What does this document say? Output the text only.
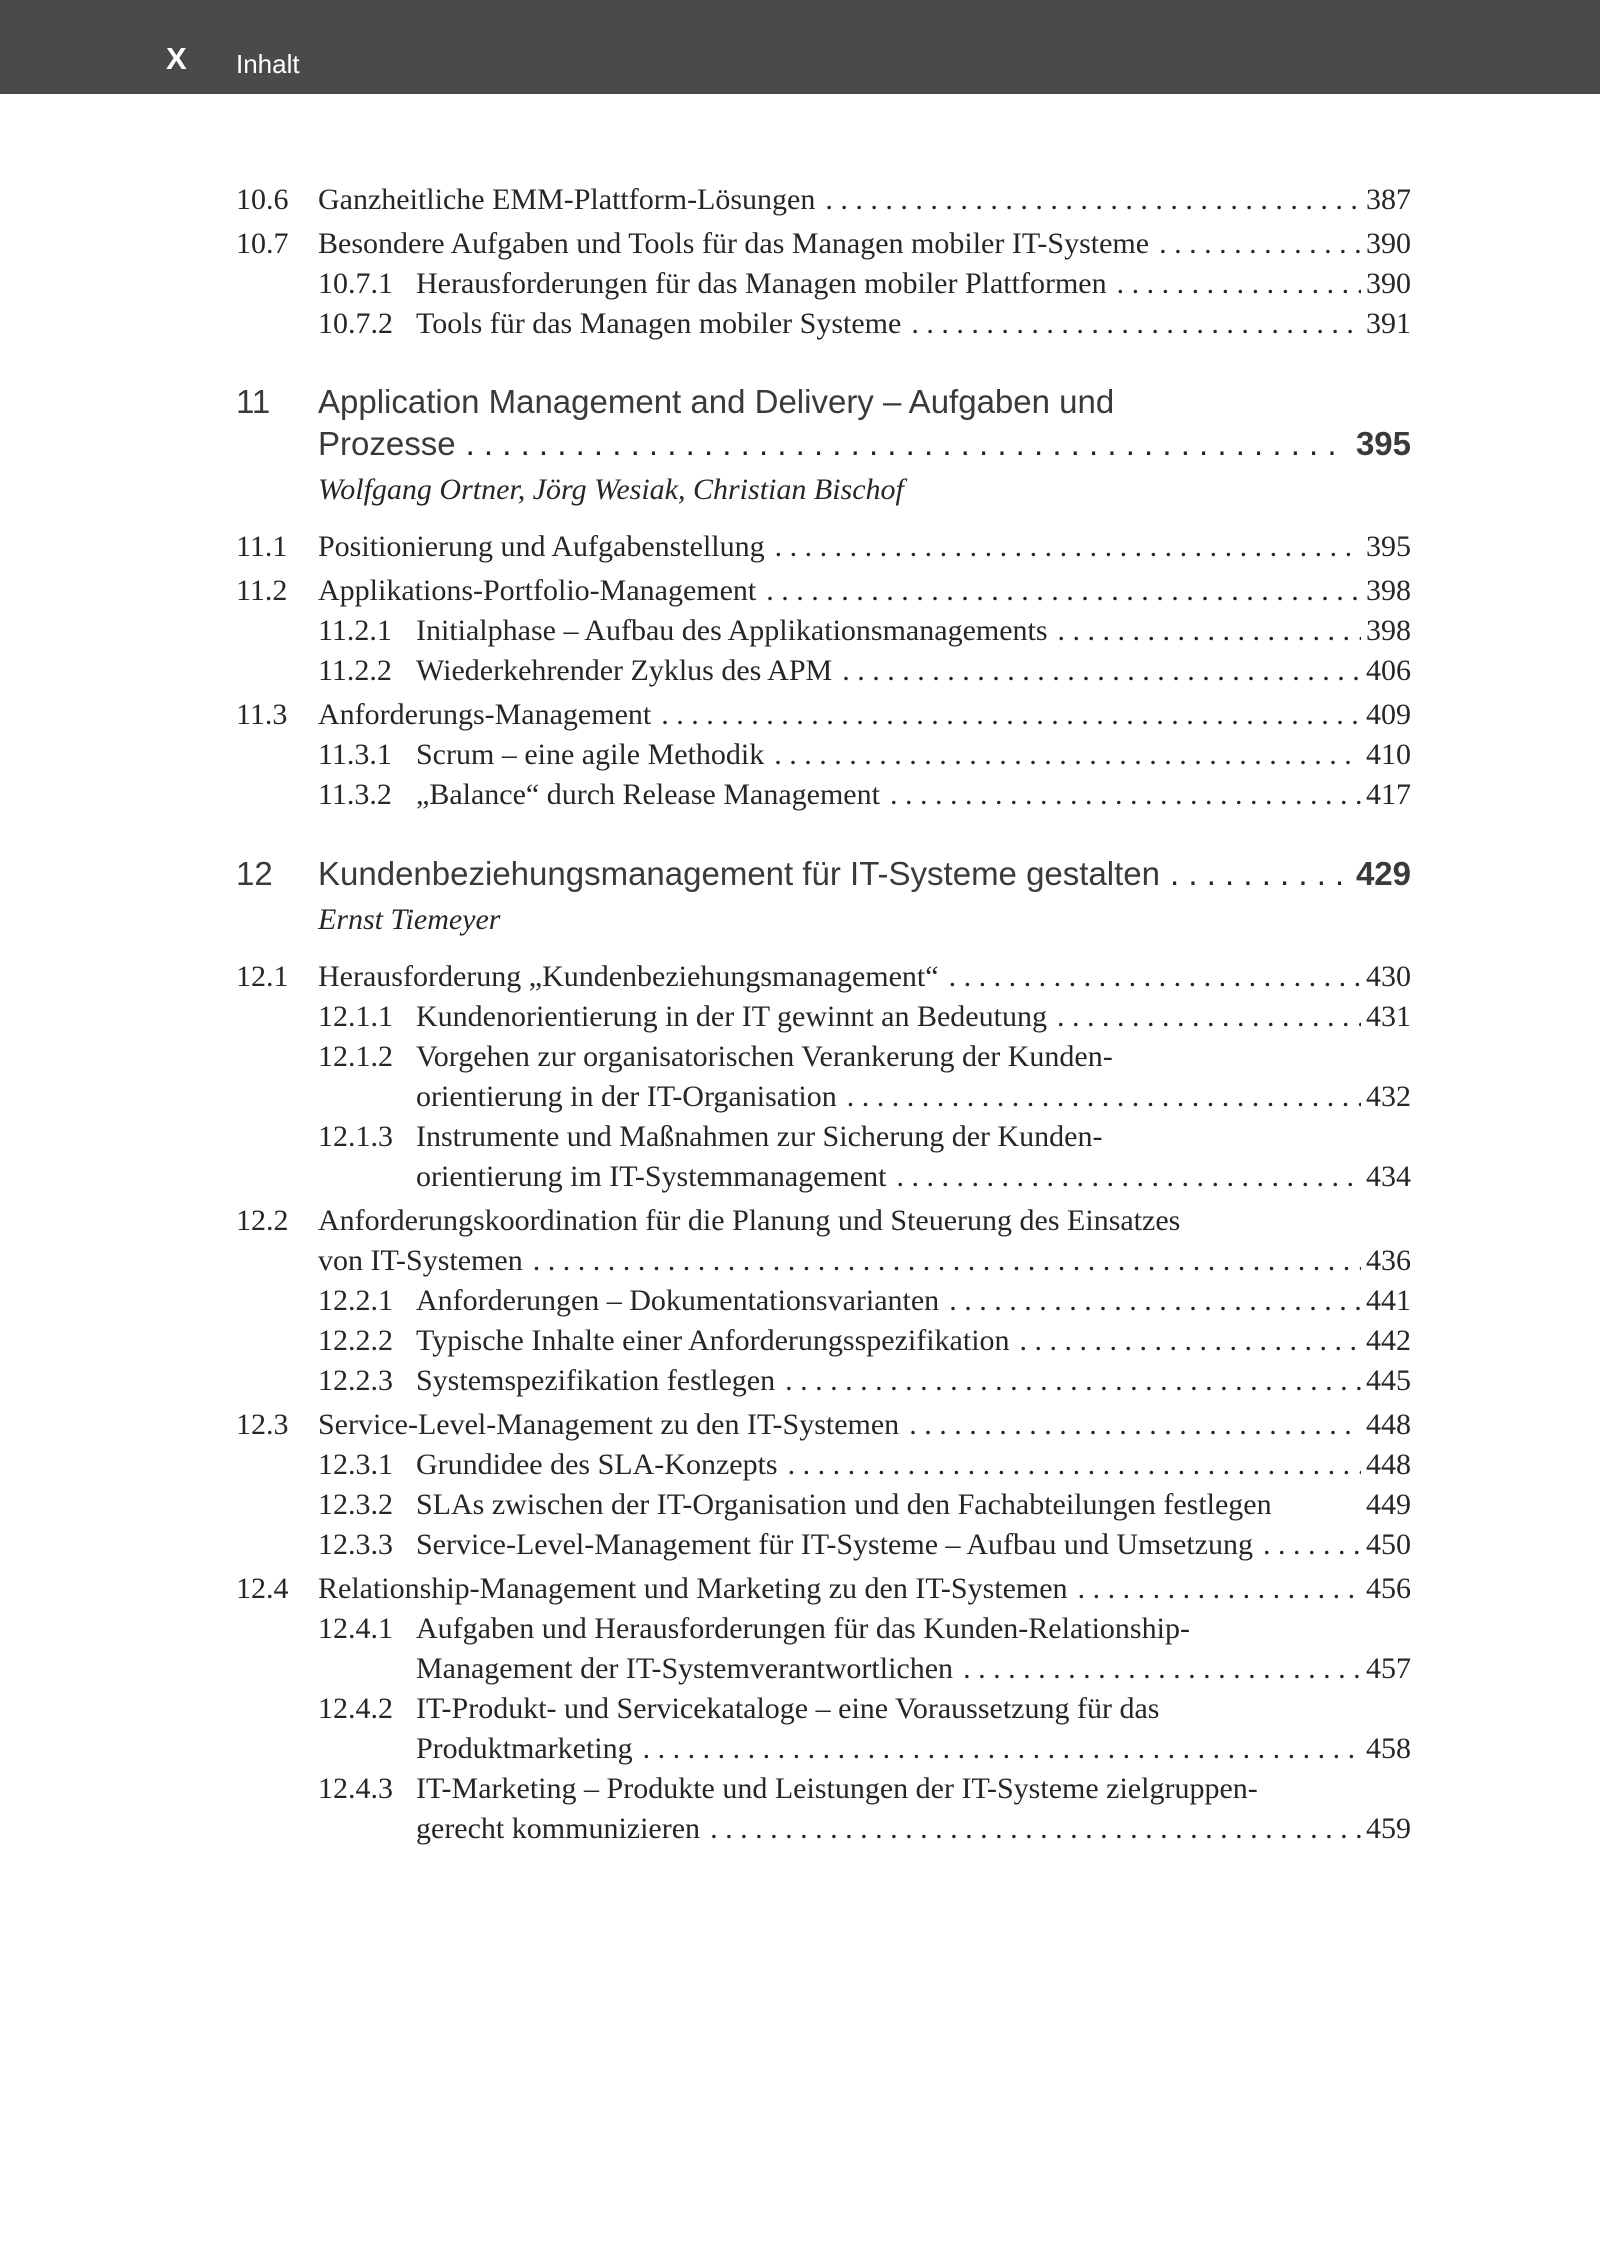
X Inhalt
10.6 Ganzheitliche EMM-Plattform-Lösungen . . .	387
10.7 Besondere Aufgaben und Tools für das Managen mobiler IT-Systeme . . .	390
10.7.1 Herausforderungen für das Managen mobiler Plattformen . . .	390
10.7.2 Tools für das Managen mobiler Systeme . . .	391
11 Application Management and Delivery – Aufgaben und
Prozesse . . .	395
Wolfgang Ortner, Jörg Wesiak, Christian Bischof
11.1 Positionierung und Aufgabenstellung . . .	395
11.2 Applikations-Portfolio-Management . . .	398
11.2.1 Initialphase – Aufbau des Applikationsmanagements . . .	398
11.2.2 Wiederkehrender Zyklus des APM . . .	406
11.3 Anforderungs-Management . . .	409
11.3.1 Scrum – eine agile Methodik . . .	410
11.3.2 „Balance“ durch Release Management . . .	417
12 Kundenbeziehungsmanagement für IT-Systeme gestalten . . .	429
Ernst Tiemeyer
12.1 Herausforderung „Kundenbeziehungsmanagement“ . . .	430
12.1.1 Kundenorientierung in der IT gewinnt an Bedeutung . . .	431
12.1.2 Vorgehen zur organisatorischen Verankerung der Kunden-
orientierung in der IT-Organisation . . .	432
12.1.3 Instrumente und Maßnahmen zur Sicherung der Kunden-
orientierung im IT-Systemmanagement . . .	434
12.2 Anforderungskoordination für die Planung und Steuerung des Einsatzes
von IT-Systemen . . .	436
12.2.1 Anforderungen – Dokumentationsvarianten . . .	441
12.2.2 Typische Inhalte einer Anforderungsspezifikation . . .	442
12.2.3 Systemspezifikation festlegen . . .	445
12.3 Service-Level-Management zu den IT-Systemen . . .	448
12.3.1 Grundidee des SLA-Konzepts . . .	448
12.3.2 SLAs zwischen der IT-Organisation und den Fachabteilungen festlegen	449
12.3.3 Service-Level-Management für IT-Systeme – Aufbau und Umsetzung . . .	450
12.4 Relationship-Management und Marketing zu den IT-Systemen . . .	456
12.4.1 Aufgaben und Herausforderungen für das Kunden-Relationship-
Management der IT-Systemverantwortlichen . . .	457
12.4.2 IT-Produkt- und Servicekataloge – eine Voraussetzung für das
Produktmarketing . . .	458
12.4.3 IT-Marketing – Produkte und Leistungen der IT-Systeme zielgruppen-
gerecht kommunizieren . . .	459
